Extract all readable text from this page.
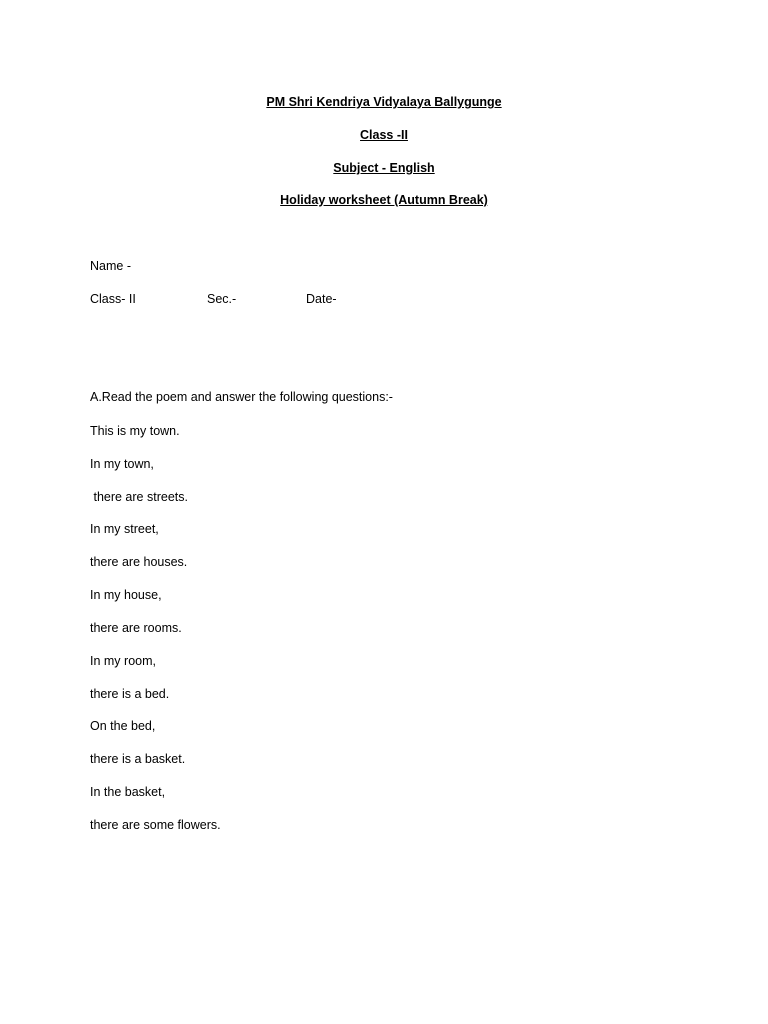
PM Shri Kendriya Vidyalaya Ballygunge
Class -II
Subject - English
Holiday worksheet (Autumn Break)
Name -
Class- II	Sec.-	Date-
A.Read the poem and answer the following questions:-
This is my town.
In my town,
there are streets.
In my street,
there are houses.
In my house,
there are rooms.
In my room,
there is a bed.
On the bed,
there is a basket.
In the basket,
there are some flowers.
